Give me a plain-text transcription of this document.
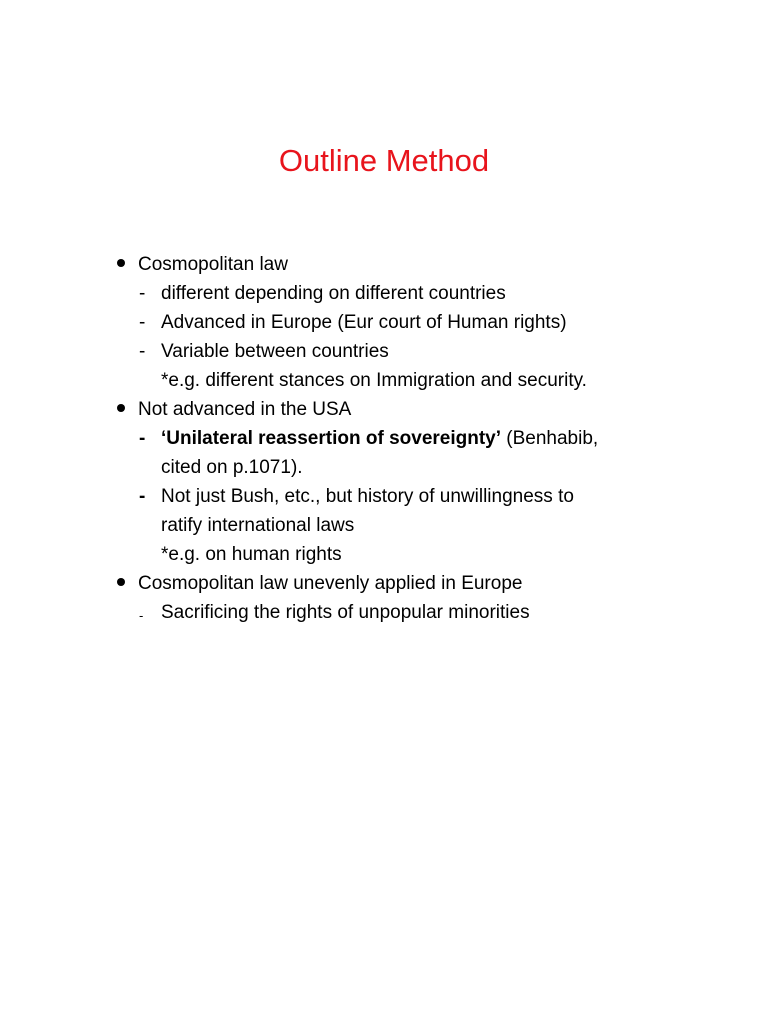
Outline Method
Cosmopolitan law
- different depending on different countries
- Advanced in Europe (Eur court of Human rights)
- Variable between countries
*e.g. different stances on Immigration and security.
Not advanced in the USA
- ‘Unilateral reassertion of sovereignty’ (Benhabib,
cited on p.1071).
- Not just Bush, etc., but history of unwillingness to
ratify international laws
*e.g. on human rights
Cosmopolitan law unevenly applied in Europe
- Sacrificing the rights of unpopular minorities
